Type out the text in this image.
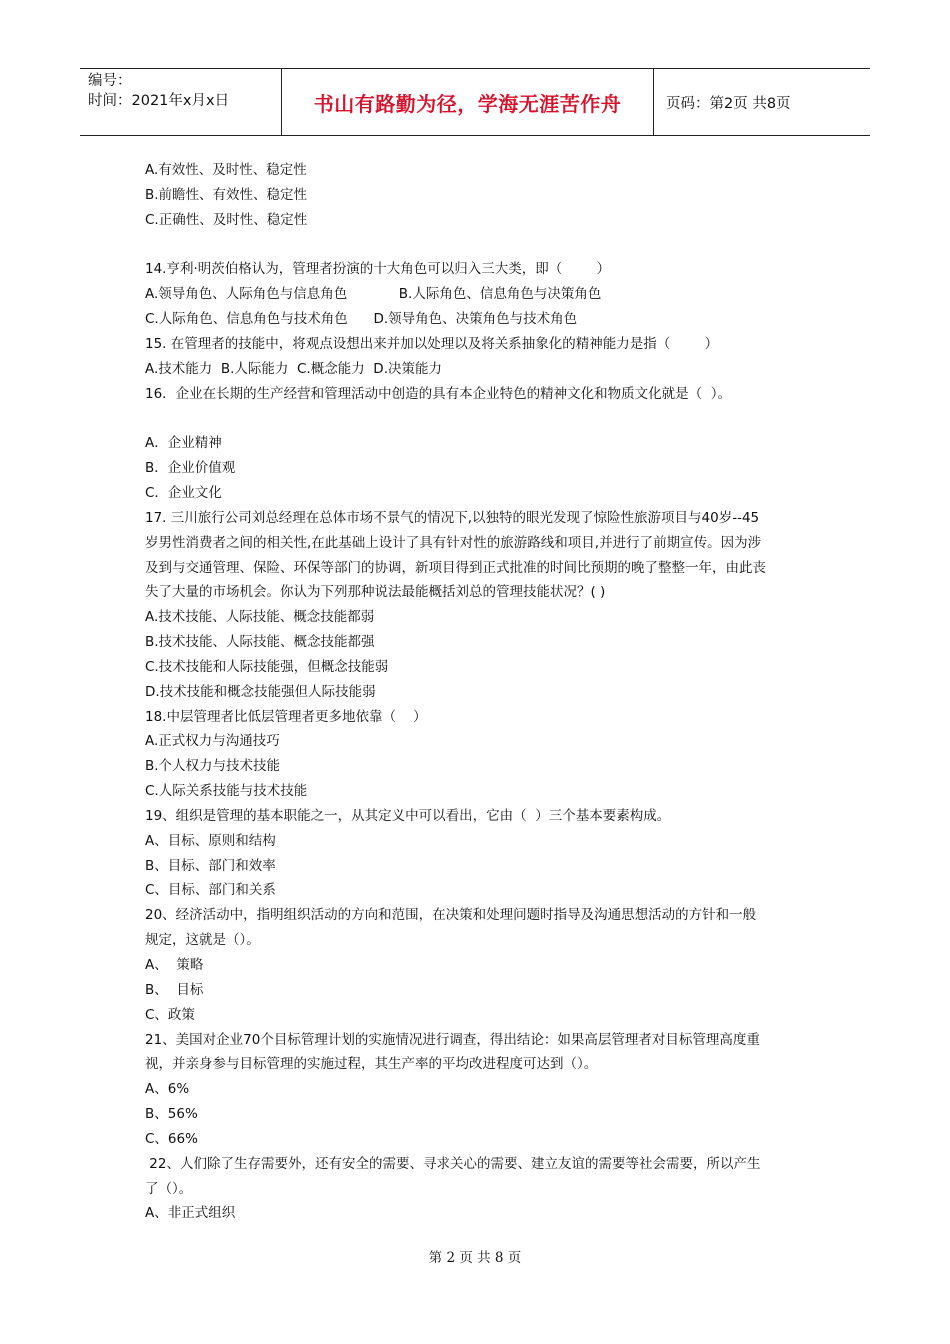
编号：
时间：2021年x月x日	书山有路勤为径，学海无涯苦作舟	页码：第2页 共8页

A.有效性、及时性、稳定性

B.前瞻性、有效性、稳定性

C.正确性、及时性、稳定性

14.亨利·明茨伯格认为，管理者扮演的十大角色可以归入三大类，即（        ）

A.领导角色、人际角色与信息角色            B.人际角色、信息角色与决策角色

C.人际角色、信息角色与技术角色      D.领导角色、决策角色与技术角色

15. 在管理者的技能中，将观点设想出来并加以处理以及将关系抽象化的精神能力是指（        ）

A.技术能力  B.人际能力  C.概念能力  D.决策能力

16．企业在长期的生产经营和管理活动中创造的具有本企业特色的精神文化和物质文化就是（  ）。

A．企业精神

B．企业价值观

C．企业文化

17. 三川旅行公司刘总经理在总体市场不景气的情况下,以独特的眼光发现了惊险性旅游项目与40岁--45

岁男性消费者之间的相关性,在此基础上设计了具有针对性的旅游路线和项目,并进行了前期宣传。因为涉

及到与交通管理、保险、环保等部门的协调，新项目得到正式批准的时间比预期的晚了整整一年，由此丧

失了大量的市场机会。你认为下列那种说法最能概括刘总的管理技能状况？( )

A.技术技能、人际技能、概念技能都弱

B.技术技能、人际技能、概念技能都强

C.技术技能和人际技能强，但概念技能弱

D.技术技能和概念技能强但人际技能弱

18.中层管理者比低层管理者更多地依靠（    ）

A.正式权力与沟通技巧

B.个人权力与技术技能

C.人际关系技能与技术技能

19、组织是管理的基本职能之一，从其定义中可以看出，它由（  ）三个基本要素构成。

A、目标、原则和结构

B、目标、部门和效率

C、目标、部门和关系

20、经济活动中，指明组织活动的方向和范围，在决策和处理问题时指导及沟通思想活动的方针和一般

规定，这就是（）。

A、  策略

B、  目标

C、政策

21、美国对企业70个目标管理计划的实施情况进行调查，得出结论：如果高层管理者对目标管理高度重

视，并亲身参与目标管理的实施过程，其生产率的平均改进程度可达到（）。

A、6%

B、56%

C、66%

22、人们除了生存需要外，还有安全的需要、寻求关心的需要、建立友谊的需要等社会需要，所以产生

了（）。

A、非正式组织

第 2 页 共 8 页
